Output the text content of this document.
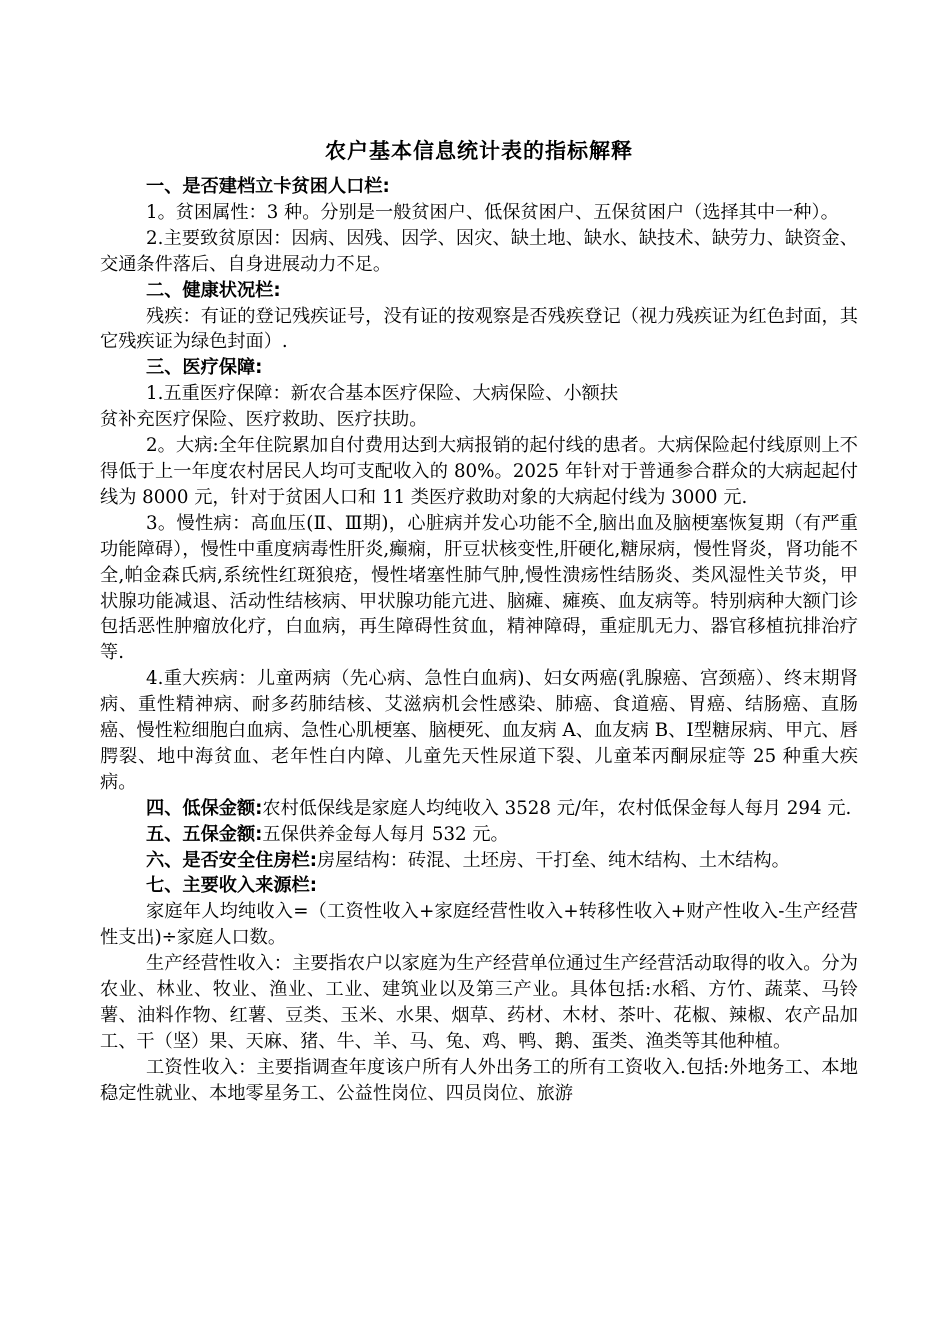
农户基本信息统计表的指标解释
一、是否建档立卡贫困人口栏:
1。贫困属性：3 种。分别是一般贫困户、低保贫困户、五保贫困户（选择其中一种）。
2.主要致贫原因：因病、因残、因学、因灾、缺土地、缺水、缺技术、缺劳力、缺资金、交通条件落后、自身进展动力不足。
二、健康状况栏:
残疾：有证的登记残疾证号，没有证的按观察是否残疾登记（视力残疾证为红色封面，其它残疾证为绿色封面）.
三、医疗保障:
1.五重医疗保障：新农合基本医疗保险、大病保险、小额扶
贫补充医疗保险、医疗救助、医疗扶助。
2。大病:全年住院累加自付费用达到大病报销的起付线的患者。大病保险起付线原则上不得低于上一年度农村居民人均可支配收入的 80%。2025 年针对于普通参合群众的大病起起付线为 8000 元，针对于贫困人口和 11 类医疗救助对象的大病起付线为 3000 元.
3。慢性病：高血压(Ⅱ、Ⅲ期)，心脏病并发心功能不全,脑出血及脑梗塞恢复期（有严重功能障碍），慢性中重度病毒性肝炎,癫痫，肝豆状核变性,肝硬化,糖尿病，慢性肾炎，肾功能不全,帕金森氏病,系统性红斑狼疮，慢性堵塞性肺气肿,慢性溃疡性结肠炎、类风湿性关节炎，甲状腺功能减退、活动性结核病、甲状腺功能亢进、脑瘫、瘫痪、血友病等。特别病种大额门诊包括恶性肿瘤放化疗，白血病，再生障碍性贫血，精神障碍，重症肌无力、器官移植抗排治疗等.
4.重大疾病：儿童两病（先心病、急性白血病)、妇女两癌(乳腺癌、宫颈癌）、终末期肾病、重性精神病、耐多药肺结核、艾滋病机会性感染、肺癌、食道癌、胃癌、结肠癌、直肠癌、慢性粒细胞白血病、急性心肌梗塞、脑梗死、血友病 A、血友病 B、Ⅰ型糖尿病、甲亢、唇腭裂、地中海贫血、老年性白内障、儿童先天性尿道下裂、儿童苯丙酮尿症等 25 种重大疾病。
四、低保金额:农村低保线是家庭人均纯收入 3528 元/年，农村低保金每人每月 294 元.
五、五保金额:五保供养金每人每月 532 元。
六、是否安全住房栏:房屋结构：砖混、土坯房、干打垒、纯木结构、土木结构。
七、主要收入来源栏:
家庭年人均纯收入=（工资性收入+家庭经营性收入+转移性收入+财产性收入-生产经营性支出)÷家庭人口数。
生产经营性收入：主要指农户以家庭为生产经营单位通过生产经营活动取得的收入。分为农业、林业、牧业、渔业、工业、建筑业以及第三产业。具体包括:水稻、方竹、蔬菜、马铃薯、油料作物、红薯、豆类、玉米、水果、烟草、药材、木材、茶叶、花椒、辣椒、农产品加工、干（坚）果、天麻、猪、牛、羊、马、兔、鸡、鸭、鹅、蛋类、渔类等其他种植。
工资性收入：主要指调查年度该户所有人外出务工的所有工资收入.包括:外地务工、本地稳定性就业、本地零星务工、公益性岗位、四员岗位、旅游
